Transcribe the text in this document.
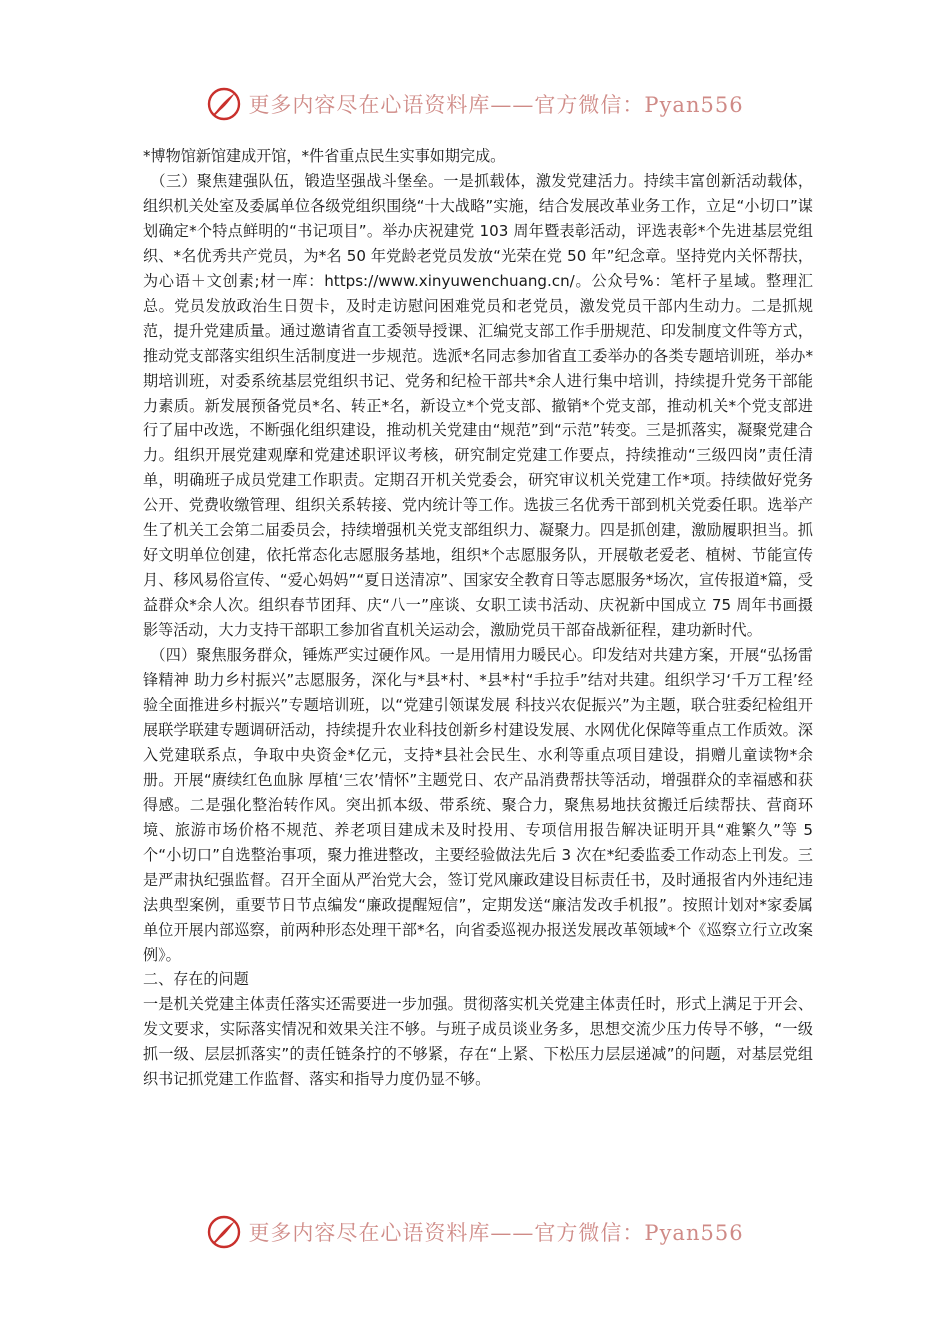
更多内容尽在心语资料库——官方微信：Pyan556

*博物馆新馆建成开馆，*件省重点民生实事如期完成。

（三）聚焦建强队伍，锻造坚强战斗堡垒。一是抓载体，激发党建活力。持续丰富创新活动载体，组织机关处室及委属单位各级党组织围绕“十大战略”实施，结合发展改革业务工作，立足“小切口”谋划确定*个特点鲜明的“书记项目”。举办庆祝建党 103 周年暨表彰活动，评选表彰*个先进基层党组织、*名优秀共产党员，为*名 50 年党龄老党员发放“光荣在党 50 年”纪念章。坚持党内关怀帮扶，为心语＋文创素;材一库：https://www.xinyuwenchuang.cn/。公众号%：笔杆子星域。整理汇总。党员发放政治生日贺卡，及时走访慰问困难党员和老党员，激发党员干部内生动力。二是抓规范，提升党建质量。通过邀请省直工委领导授课、汇编党支部工作手册规范、印发制度文件等方式，推动党支部落实组织生活制度进一步规范。选派*名同志参加省直工委举办的各类专题培训班，举办*期培训班，对委系统基层党组织书记、党务和纪检干部共*余人进行集中培训，持续提升党务干部能力素质。新发展预备党员*名、转正*名，新设立*个党支部、撤销*个党支部，推动机关*个党支部进行了届中改选，不断强化组织建设，推动机关党建由“规范”到“示范”转变。三是抓落实，凝聚党建合力。组织开展党建观摩和党建述职评议考核，研究制定党建工作要点，持续推动“三级四岗”责任清单，明确班子成员党建工作职责。定期召开机关党委会，研究审议机关党建工作*项。持续做好党务公开、党费收缴管理、组织关系转接、党内统计等工作。选拔三名优秀干部到机关党委任职。选举产生了机关工会第二届委员会，持续增强机关党支部组织力、凝聚力。四是抓创建，激励履职担当。抓好文明单位创建，依托常态化志愿服务基地，组织*个志愿服务队，开展敬老爱老、植树、节能宣传月、移风易俗宣传、“爱心妈妈”“夏日送清凉”、国家安全教育日等志愿服务*场次，宣传报道*篇，受益群众*余人次。组织春节团拜、庆“八一”座谈、女职工读书活动、庆祝新中国成立 75 周年书画摄影等活动，大力支持干部职工参加省直机关运动会，激励党员干部奋战新征程，建功新时代。

（四）聚焦服务群众，锤炼严实过硬作风。一是用情用力暖民心。印发结对共建方案，开展“弘扬雷锋精神 助力乡村振兴”志愿服务，深化与*县*村、*县*村“手拉手”结对共建。组织学习‘千万工程’经验全面推进乡村振兴”专题培训班，以“党建引领谋发展 科技兴农促振兴”为主题，联合驻委纪检组开展联学联建专题调研活动，持续提升农业科技创新乡村建设发展、水网优化保障等重点工作质效。深入党建联系点，争取中央资金*亿元，支持*县社会民生、水利等重点项目建设，捐赠儿童读物*余册。开展“赓续红色血脉 厚植‘三农’情怀”主题党日、农产品消费帮扶等活动，增强群众的幸福感和获得感。二是强化整治转作风。突出抓本级、带系统、聚合力，聚焦易地扶贫搬迁后续帮扶、营商环境、旅游市场价格不规范、养老项目建成未及时投用、专项信用报告解决证明开具“难繁久”等 5 个“小切口”自选整治事项，聚力推进整改，主要经验做法先后 3 次在*纪委监委工作动态上刊发。三是严肃执纪强监督。召开全面从严治党大会，签订党风廉政建设目标责任书，及时通报省内外违纪违法典型案例，重要节日节点编发“廉政提醒短信”，定期发送“廉洁发改手机报”。按照计划对*家委属单位开展内部巡察，前两种形态处理干部*名，向省委巡视办报送发展改革领域*个《巡察立行立改案例》。

二、存在的问题

一是机关党建主体责任落实还需要进一步加强。贯彻落实机关党建主体责任时，形式上满足于开会、发文要求，实际落实情况和效果关注不够。与班子成员谈业务多，思想交流少压力传导不够，“一级抓一级、层层抓落实”的责任链条拧的不够紧，存在“上紧、下松压力层层递减”的问题，对基层党组织书记抓党建工作监督、落实和指导力度仍显不够。

更多内容尽在心语资料库——官方微信：Pyan556
